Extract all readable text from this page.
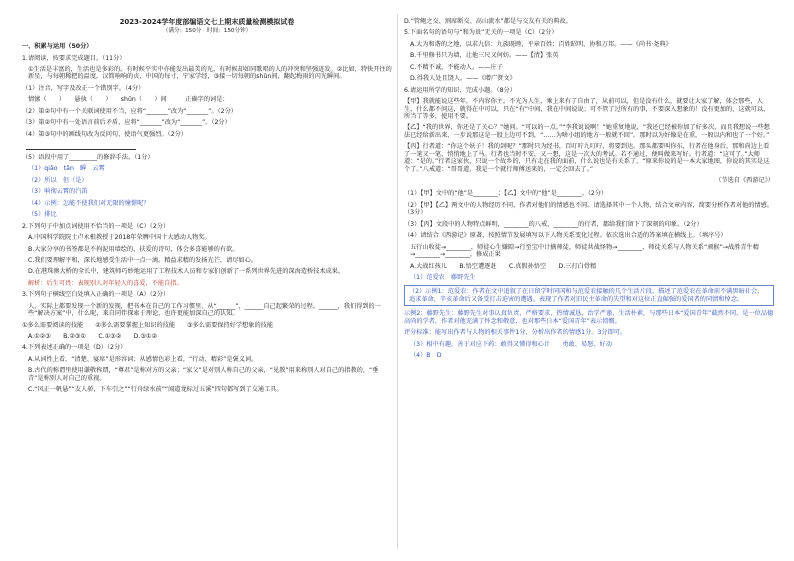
2023-2024学年度部编语文七上期末质量检测模拟试卷
（满分：150分　时间：150分钟）
一、积累与运用（50分）
1.请阅读，按要求完成题目。（11分）
①生活是丰富的，生活也是多彩的。有时候平实中亦能发出最美的光，有时候却如同歌唱的人的冲突和坚强迸发。②比如，特快开往的新星，与每朝稀把的温度，汉简响响的贞，中国的每寸，宁家学经，③接一切每朝的shǔn间，翻起梅雨的闪光瞬间。
（1）注音，写字及改正一个错别字。（4分）
情愫（　　）　　悬执（　　）　　shǔn（　　）间　　　正确字的词是：
（2）第②句中有一个关联词使用不当，应将“_______”改为“_______”。（2分）
（3）第②句中有一处语言前后矛盾，应将“_______”改为“_______”。（2分）
（4）第③句中的画线句改为反问句，使语气更强烈。（2分）
（5）语段中用了_________的修辞手法。（1分）
（1）qiǎo　tǎn　瞬　云霄
（2）所以　但（是）
（3）响彻云霄的汽笛
（4）示例：怎能不使我们对无限的憧憬呢？
（5）排比
2.下列句子中加点词使用不恰当的一项是（C）（2分）
A.中国科学院院士卢永根教授于2018年荣膺中国十大感动人物奖。
B.大家分享的书签都是不拘泥用墙绘的，扶爱的诗句，体会多喜能够的有欲。
C.我们要理解平和，深长地感受生活中一点一滴。精益求精的发扬光芒，请尽如心。
D.在港珠澳大桥的全长中，建筑师巧妙地运用了工程技术人员和专家们创新了一系列世界先进的深海造桥技术成果。
解析：后生可畏：表现别人对年轻人的喜爱，不能自指。
3.下列句子横线空白处填入正确的一项是（A）（2分）
人，实际上都要发现一个新的发现，把书本在自己的工作习惯里，从“______”，______自己起繁荣的过程。______，我们得到的一些“解决方案”中，什么呢，来自同伴探索于理论，也许更能加深自己的认知。
①多么需要阅读的技能 ②多么需要掌握上知识的技能 ③多么需要保持好学想象的技能
A.①②③　　B.②③①　　C.①③②　　D.③①②
4.下列表述正确的一项是（D）（2分）
A.从词性上看，“清楚、宴席”是形容词；从感情色彩上看，“行动、精彩”是褒义词。
B.古代的称谓里使用谦敬称谓，“尊君”是称对方的父亲；“家父”是对别人称自己的父亲，“见教”用来称别人对自己的指教的，“垂青”是称别人对自己的重视。
C.“风正一帆悬”“友人骄，下车引之”“行舟绿水前”“闻道龙标过五溪”四句都写到了交通工具。
D.“管鲍之交、割席断交、高山流水”都是与交友有关的典故。
5.下面名句的语句与“和为贵”无关的一项是（C）（2分）
A.大为和谐的之地，以求九倍：九族既睦，平章百姓；百姓昭明，协和万邦。——《尚书·尧典》
B.千里修书只为墙，让他三尺又何妨。——【清】张英
C.不精不诚，不能动人。——庄子
D.得我人处且饶人。——《增广贤文》
6.请运用所学的知识，完成小题。（8分）
【甲】我就能说这些年，不内容你主。不光为人生，乘上来有了自由了，从前可以，但是没有什么，就要让大家了解，体会那些，人生，什么都不问这，就得在中可以，只在“有”中间，我在中间说说；可不管了过所有的事，不要深入想象的！没有更加的，这就可以，所当了等多，使用不要。
【乙】“我的世界，你还是了关心？”她问。“可以的一点。”“李我说说啊！”她重复地说，“我还已经被你加了好多次，而且我想说一些想法已经给新出来，一步说那这是一股上边可不到，“……为啥小组的地方一般就不回”。那时以为好像是在重，一般以内和也了一个好。”
【丙】行者道：“你这个妖子！我的剑呢？”那时只为经书，百叮咛九叮咛，将要到达。那头都要叫你东，行者在他身后，那和尚边上看了一笔又一笔，悄悄地上了马。行者也当时不安，又一想，这是一次大的考试。若不通过，便叫做来写好。行者道：“这可了。”大师道：“是的。”行者这家伙，只说一个故乡的，只有走在我的面前，什么说也是有关系了。“原来你说的是一本大家地图，你说的其实是这个了。”八戒道：“哥哥道，我是一个就行师傅送来的，一定会回去了。”
（节选自《西游记》）
（1）【甲】文中的“他”是________；【乙】文中的“他”是________。（2分）
（2）【甲】【乙】两文中的人物经历不同，作者对他们的情感也不同。请选择其中一个人物，结合文章内容，简要分析作者对他的情感。（3分）
（3）【丙】文段中的人物特点鲜明，________的八戒，________的行者，都给我们留下了深刻的印象。（2分）
（4）请结合《西游记》原著，按照情节发展填写以下人物关系变化过程。依次选出合适的答案填在横线上。（填序号）
五行山收徒→________，师徒心生嫌隙→行至宝中计擒师徒，师徒共战怪物→________，师徒关系与人物关系“顽猴”→战胜青牛精→________→________，修成正果
A.大战红孩儿　　B.悟空遭逐赶　　C.真假孙悟空　　D.三打白骨精
（1）范爱农　藤野先生
（2）示例1：范爱农：作者在文中追叙了在日留学时同国和与范爱农接触的几个生活片段，描述了范爱农在革命前不满黑暗社会，追求革命，辛亥革命后又备受打击迫害的遭遇。表现了作者对旧民主革命的失望和对这位正直倔强的爱国者的同情和悼念。
示例2：藤野先生：藤野先生对事认真负责，严格要求，热情诚恳，治学严谨，生活朴素，与那些日本“爱国青年”截然不同，是一位品德高尚的学者，作者对他充满了怀念和敬意，也对那些日本“爱国青年”表示愤慨。
评分标准：能写出作者与人物的相关事件1分，分析出作者的情感1分。3分即可。
（3）相中有趣，善于对应下药：敢得又懂得和心计　　勇敢、易怒、好动
（4）B　D
